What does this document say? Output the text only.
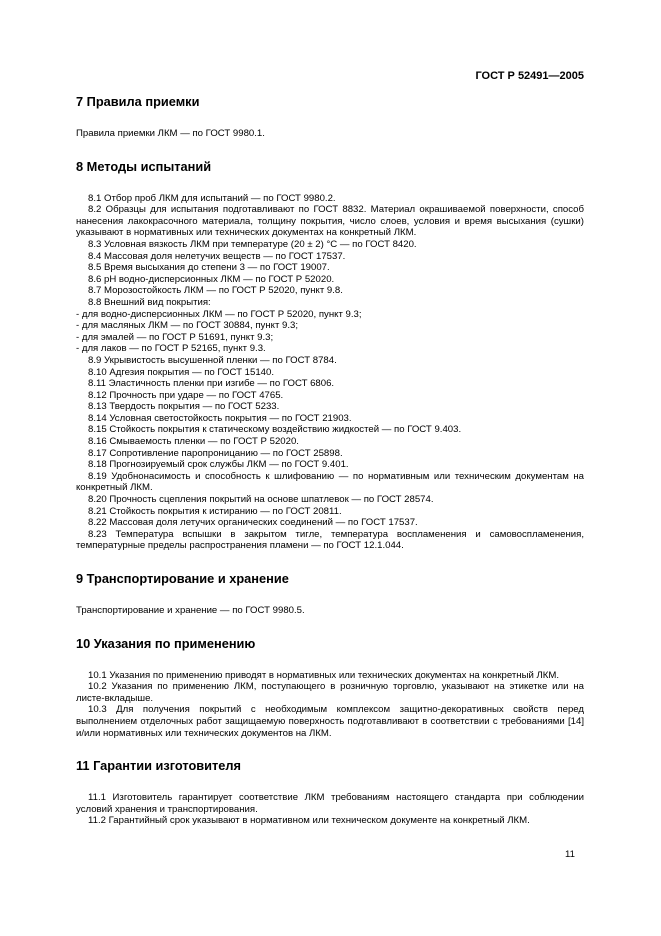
ГОСТ Р 52491—2005
7 Правила приемки

Правила приемки ЛКМ — по ГОСТ 9980.1.

8 Методы испытаний

8.1 Отбор проб ЛКМ для испытаний — по ГОСТ 9980.2.

8.2 Образцы для испытания подготавливают по ГОСТ 8832. Материал окрашиваемой поверхности, способ нанесения лакокрасочного материала, толщину покрытия, число слоев, условия и время высыхания (сушки) указывают в нормативных или технических документах на конкретный ЛКМ.

8.3 Условная вязкость ЛКМ при температуре (20 ± 2) °С — по ГОСТ 8420.

8.4 Массовая доля нелетучих веществ — по ГОСТ 17537.

8.5 Время высыхания до степени 3 — по ГОСТ 19007.

8.6 pH водно-дисперсионных ЛКМ — по ГОСТ Р 52020.

8.7 Морозостойкость ЛКМ — по ГОСТ Р 52020, пункт 9.8.

8.8 Внешний вид покрытия:

- для водно-дисперсионных ЛКМ — по ГОСТ Р 52020, пункт 9.3;

- для масляных ЛКМ — по ГОСТ 30884, пункт 9.3;

- для эмалей — по ГОСТ Р 51691, пункт 9.3;

- для лаков — по ГОСТ Р 52165, пункт 9.3.

8.9 Укрывистость высушенной пленки — по ГОСТ 8784.

8.10 Адгезия покрытия — по ГОСТ 15140.

8.11 Эластичность пленки при изгибе — по ГОСТ 6806.

8.12 Прочность при ударе — по ГОСТ 4765.

8.13 Твердость покрытия — по ГОСТ 5233.

8.14 Условная светостойкость покрытия — по ГОСТ 21903.

8.15 Стойкость покрытия к статическому воздействию жидкостей — по ГОСТ 9.403.

8.16 Смываемость пленки — по ГОСТ Р 52020.

8.17 Сопротивление паропроницанию — по ГОСТ 25898.

8.18 Прогнозируемый срок службы ЛКМ — по ГОСТ 9.401.

8.19 Удобнoнaсимость и способность к шлифованию — по нормативным или техническим документам на конкретный ЛКМ.

8.20 Прочность сцепления покрытий на основе шпатлевок — по ГОСТ 28574.

8.21 Стойкость покрытия к истиранию — по ГОСТ 20811.

8.22 Массовая доля летучих органических соединений — по ГОСТ 17537.

8.23 Температура вспышки в закрытом тигле, температура воспламенения и самовоспламенения, температурные пределы распространения пламени — по ГОСТ 12.1.044.

9 Транспортирование и хранение

Транспортирование и хранение — по ГОСТ 9980.5.

10 Указания по применению

10.1 Указания по применению приводят в нормативных или технических документах на конкретный ЛКМ.

10.2 Указания по применению ЛКМ, поступающего в розничную торговлю, указывают на этикетке или на листе-вкладыше.

10.3 Для получения покрытий с необходимым комплексом защитно-декоративных свойств перед выполнением отделочных работ защищаемую поверхность подготавливают в соответствии с требованиями [14] и/или нормативных или технических документов на ЛКМ.

11 Гарантии изготовителя

11.1 Изготовитель гарантирует соответствие ЛКМ требованиям настоящего стандарта при соблюдении условий хранения и транспортирования.

11.2 Гарантийный срок указывают в нормативном или техническом документе на конкретный ЛКМ.

11
